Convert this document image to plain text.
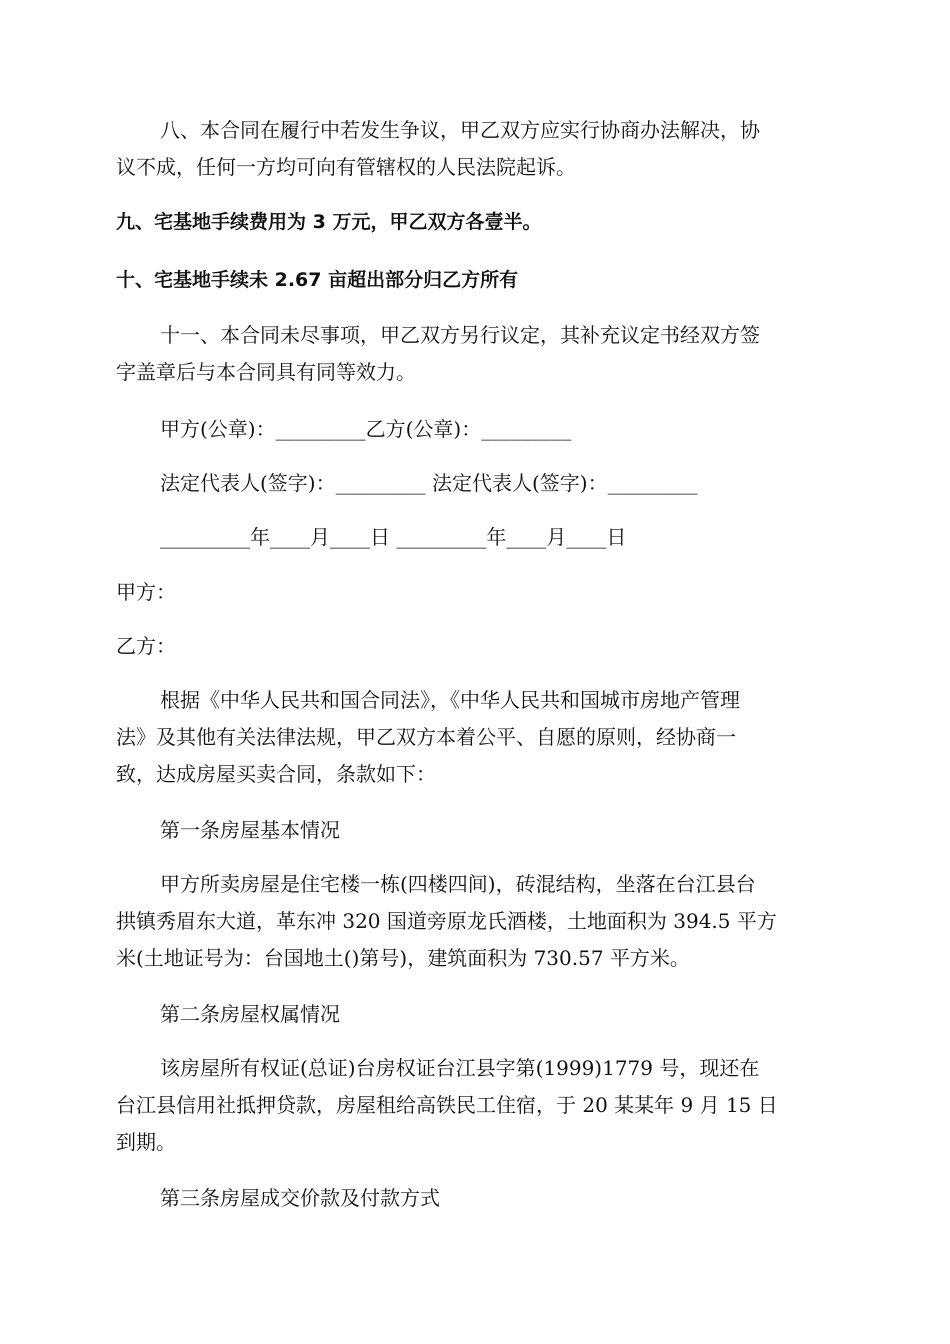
八、本合同在履行中若发生争议，甲乙双方应实行协商办法解决，协

议不成，任何一方均可向有管辖权的人民法院起诉。

九、宅基地手续费用为 3 万元，甲乙双方各壹半。

十、宅基地手续未 2.67 亩超出部分归乙方所有

十一、本合同未尽事项，甲乙双方另行议定，其补充议定书经双方签

字盖章后与本合同具有同等效力。

甲方(公章)：_________乙方(公章)：_________

法定代表人(签字)：_________ 法定代表人(签字)：_________

_________年____月____日 _________年____月____日

甲方：

乙方：

根据《中华人民共和国合同法》，《中华人民共和国城市房地产管理

法》及其他有关法律法规，甲乙双方本着公平、自愿的原则，经协商一
致，达成房屋买卖合同，条款如下：

第一条房屋基本情况

甲方所卖房屋是住宅楼一栋(四楼四间)，砖混结构，坐落在台江县台

拱镇秀眉东大道，革东冲 320 国道旁原龙氏酒楼，土地面积为 394.5 平方
米(土地证号为：台国地土()第号)，建筑面积为 730.57 平方米。

第二条房屋权属情况

该房屋所有权证(总证)台房权证台江县字第(1999)1779 号，现还在

台江县信用社抵押贷款，房屋租给高铁民工住宿，于 20 某某年 9 月 15 日
到期。

第三条房屋成交价款及付款方式
